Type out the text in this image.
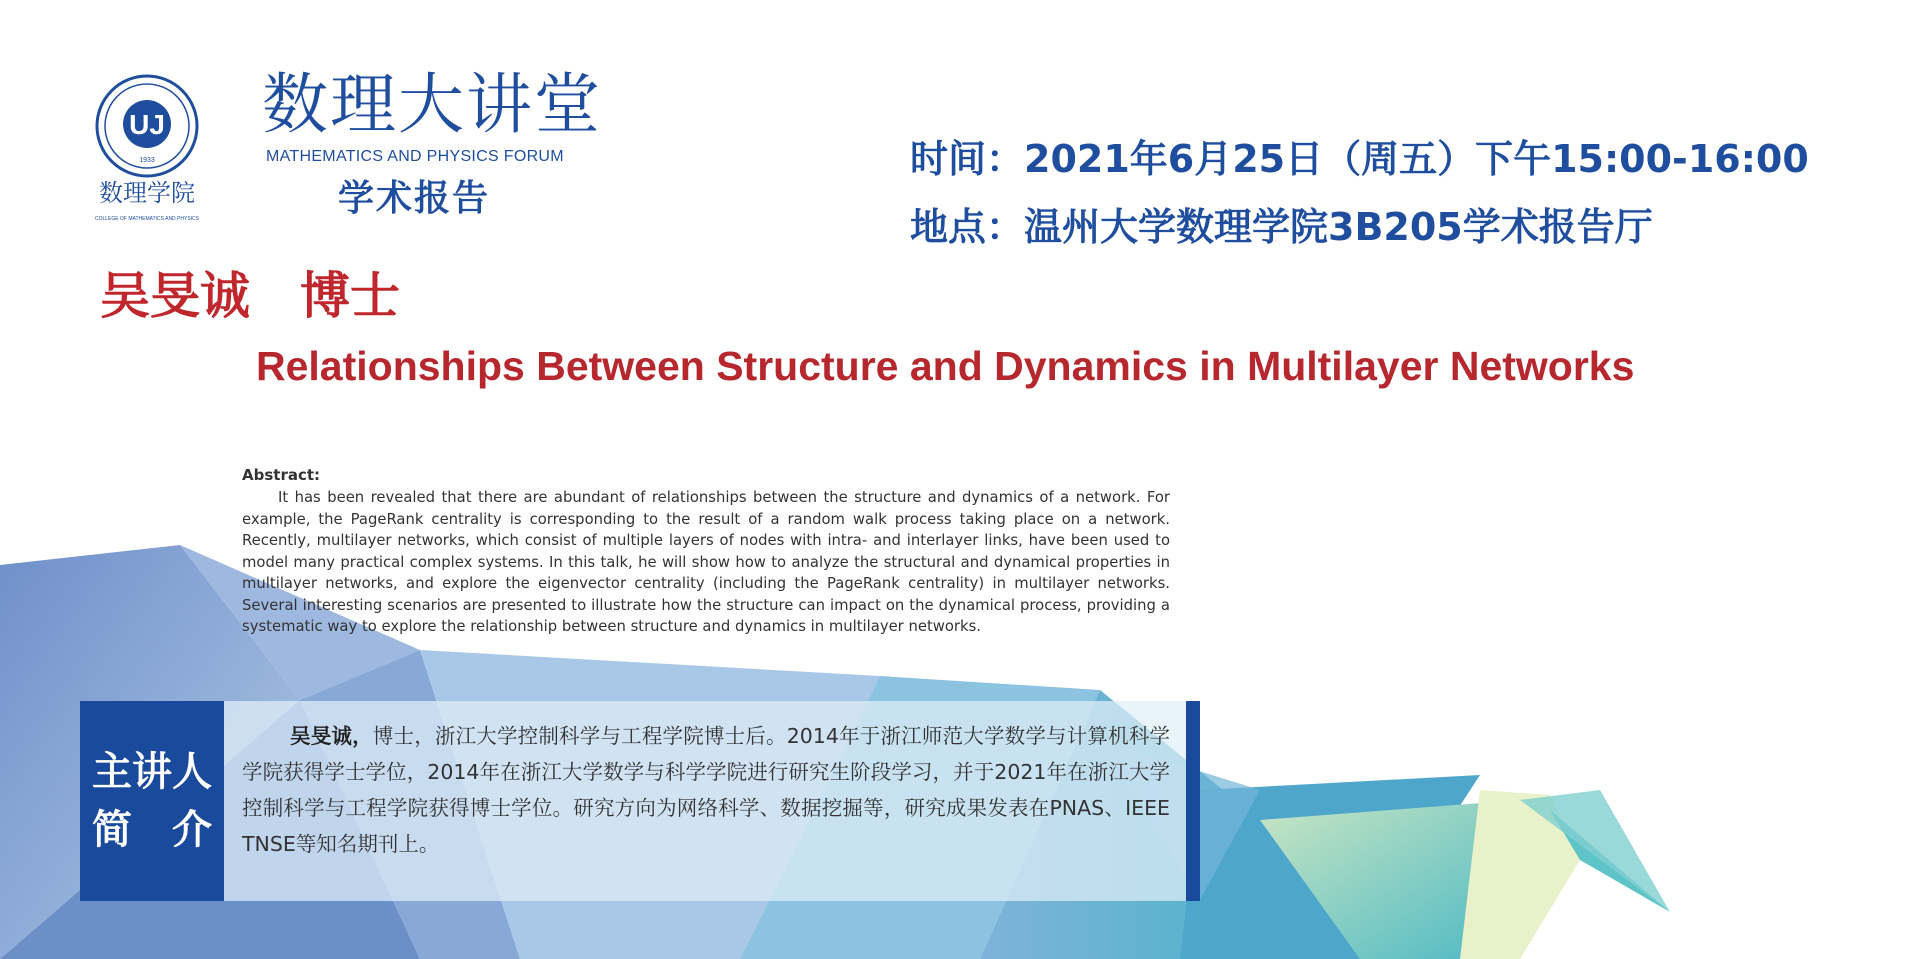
UJ
1933
数理学院
COLLEGE OF MATHEMATICS AND PHYSICS
数理大讲堂
MATHEMATICS AND PHYSICS FORUM
学术报告
时间：2021年6月25日（周五）下午15:00-16:00
地点：温州大学数理学院3B205学术报告厅
吴旻诚　博士
Relationships Between Structure and Dynamics in Multilayer Networks
Abstract:

It has been revealed that there are abundant of relationships between the structure and dynamics of a network. For example, the PageRank centrality is corresponding to the result of a random walk process taking place on a network. Recently, multilayer networks, which consist of multiple layers of nodes with intra- and interlayer links, have been used to model many practical complex systems. In this talk, he will show how to analyze the structural and dynamical properties in multilayer networks, and explore the eigenvector centrality (including the PageRank centrality) in multilayer networks. Several interesting scenarios are presented to illustrate how the structure can impact on the dynamical process, providing a systematic way to explore the relationship between structure and dynamics in multilayer networks.

主讲人
简　介

吴旻诚，博士，浙江大学控制科学与工程学院博士后。2014年于浙江师范大学数学与计算机科学学院获得学士学位，2014年在浙江大学数学与科学学院进行研究生阶段学习，并于2021年在浙江大学控制科学与工程学院获得博士学位。研究方向为网络科学、数据挖掘等，研究成果发表在PNAS、IEEE TNSE等知名期刊上。
